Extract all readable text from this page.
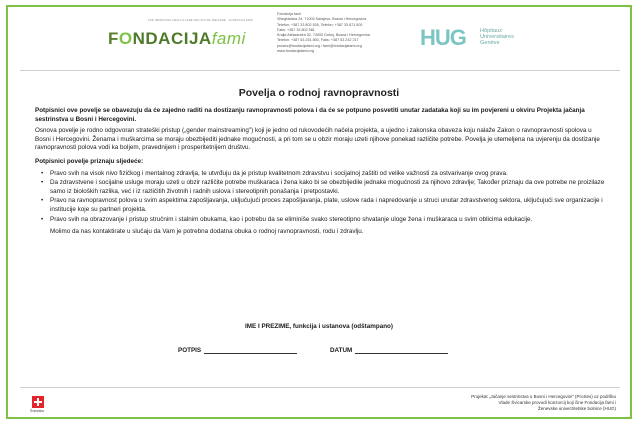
FOR IMPROVING HEALTH CARE AND SOCIAL WELFARE · FONDACIJA FAMI
FONDACIJAfami
Fondacija fami
Višegradska 24, 71000 Sarajevo, Bosna i Hercegovina
Telefon: +387 33 802 526, Telefon: +387 33 671 500
Faks: +387 33 802 581
Kralja Aleksandra 52, 74000 Doboj, Bosna i Hercegovina
Telefon: +387 53 251 800, Faks: +387 53 242 217
proses@fondacijafami.org / fami@fondacijafami.org
www.fondacijafami.org
HUG	Hôpitaux
Universitaires
Genève
Povelja o rodnoj ravnopravnosti

Potpisnici ove povelje se obavezuju da će zajedno raditi na dostizanju ravnopravnosti polova i da će se potpuno posvetiti unutar zadataka koji su im povjereni u okviru Projekta jačanja sestrinstva u Bosni i Hercegovini.

Osnova povelje je rodno odgovoran strateški pristup („gender mainstreaming") koji je jedno od rukovodećih načela projekta, a ujedno i zakonska obaveza koju nalaže Zakon o ravnopravnosti spolova u Bosni i Hercegovini. Ženama i muškarcima se moraju obezbijediti jednake mogućnosti, a pri tom se u obzir moraju uzeti njihove ponekad različite potrebe. Povelja je utemeljena na uvjerenju da dostizanje ravnopravnosti polova vodi ka boljem, pravednijem i prosperitetnijem društvu.

Potpisnici povelje priznaju sljedeće:

• Pravo svih na visok nivo fizičkog i mentalnog zdravlja, te utvrđuju da je pristup kvalitetnom zdravstvu i socijalnoj zaštiti od velike važnosti za ostvarivanje ovog prava.
• Da zdravstvene i socijalne usluge moraju uzeti u obzir različite potrebe muškaraca i žena kako bi se obezbijedile jednake mogućnosti za njihovo zdravlje; Također priznaju da ove potrebe ne proizilaze samo iz bioloških razlika, već i iz različitih životnih i radnih uslova i stereotipnih ponašanja i pretpostavki.
• Pravo na ravnopravnost polova u svim aspektima zapošljavanja, uključujući proces zapošljavanja, plate, uslove rada i napredovanje u struci unutar zdravstvenog sektora, uključujući sve organizacije i institucije koje su partneri projekta.
• Pravo svih na obrazovanje i pristup stručnim i stalnim obukama, kao i potrebu da se eliminiše svako stereotipno shvatanje uloge žena i muškaraca u svim oblicima edukacije.

Molimo da nas kontaktirate u slučaju da Vam je potrebna dodatna obuka o rodnoj ravnopravnosti, rodu i zdravlju.

IME I PREZIME, funkcija i ustanova (odštampano)
POTPIS	DATUM
Švicarska
Projekat „Jačanje sestrinstva u Bosni i Hercegovini" (ProSes) uz podršku
Vlade Švicarske provodi konzorcij koji čine Fondacija fami i
Ženevske univerzitetske bolnice (HUG)
